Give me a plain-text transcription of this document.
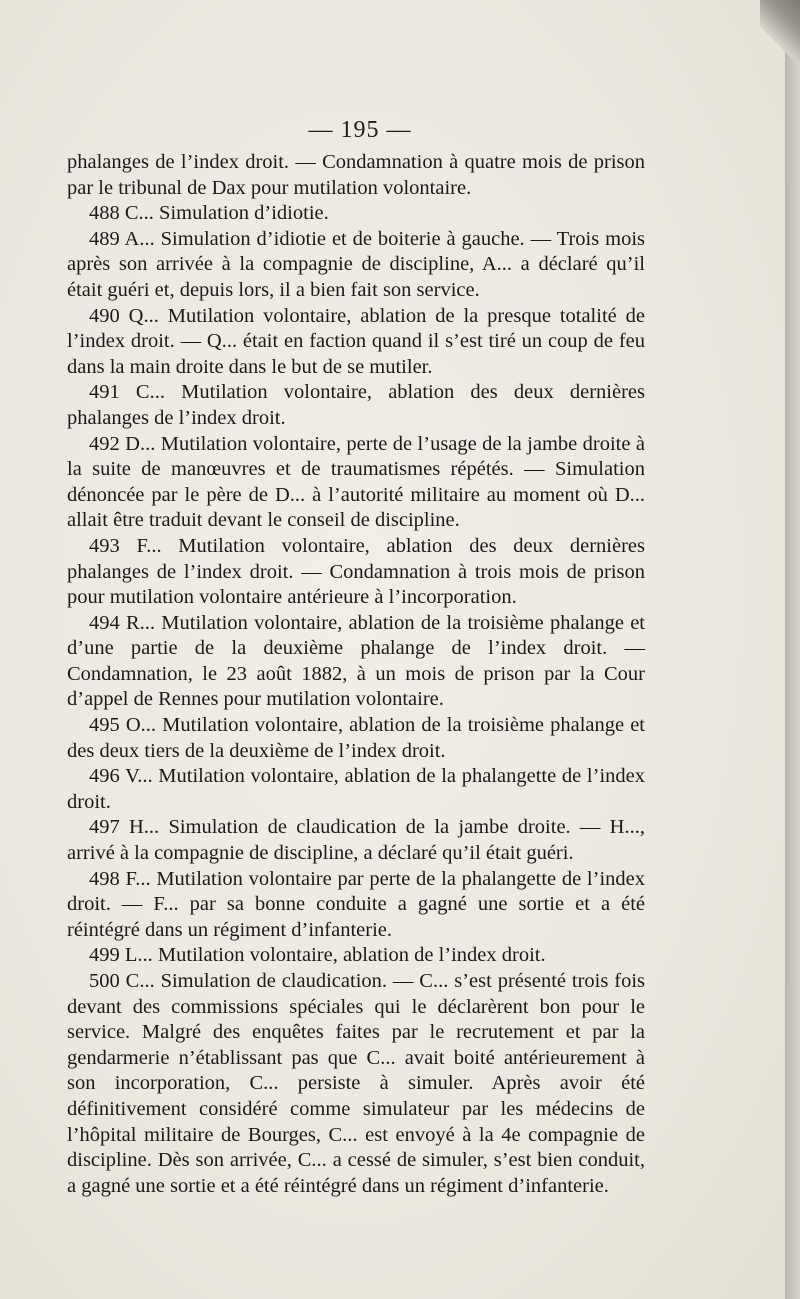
— 195 —

phalanges de l’index droit. — Condamnation à quatre mois de prison par le tribunal de Dax pour mutilation volontaire.

488 C... Simulation d’idiotie.

489 A... Simulation d’idiotie et de boiterie à gauche. — Trois mois après son arrivée à la compagnie de discipline, A... a déclaré qu’il était guéri et, depuis lors, il a bien fait son service.

490 Q... Mutilation volontaire, ablation de la presque totalité de l’index droit. — Q... était en faction quand il s’est tiré un coup de feu dans la main droite dans le but de se mutiler.

491 C... Mutilation volontaire, ablation des deux dernières phalanges de l’index droit.

492 D... Mutilation volontaire, perte de l’usage de la jambe droite à la suite de manœuvres et de traumatismes répétés. — Simulation dénoncée par le père de D... à l’autorité militaire au moment où D... allait être traduit devant le conseil de discipline.

493 F... Mutilation volontaire, ablation des deux dernières phalanges de l’index droit. — Condamnation à trois mois de prison pour mutilation volontaire antérieure à l’incorporation.

494 R... Mutilation volontaire, ablation de la troisième phalange et d’une partie de la deuxième phalange de l’index droit. — Condamnation, le 23 août 1882, à un mois de prison par la Cour d’appel de Rennes pour mutilation volontaire.

495 O... Mutilation volontaire, ablation de la troisième phalange et des deux tiers de la deuxième de l’index droit.

496 V... Mutilation volontaire, ablation de la phalangette de l’index droit.

497 H... Simulation de claudication de la jambe droite. — H..., arrivé à la compagnie de discipline, a déclaré qu’il était guéri.

498 F... Mutilation volontaire par perte de la phalangette de l’index droit. — F... par sa bonne conduite a gagné une sortie et a été réintégré dans un régiment d’infanterie.

499 L... Mutilation volontaire, ablation de l’index droit.

500 C... Simulation de claudication. — C... s’est présenté trois fois devant des commissions spéciales qui le déclarèrent bon pour le service. Malgré des enquêtes faites par le recrutement et par la gendarmerie n’établissant pas que C... avait boité antérieurement à son incorporation, C... persiste à simuler. Après avoir été définitivement considéré comme simulateur par les médecins de l’hôpital militaire de Bourges, C... est envoyé à la 4e compagnie de discipline. Dès son arrivée, C... a cessé de simuler, s’est bien conduit, a gagné une sortie et a été réintégré dans un régiment d’infanterie.
